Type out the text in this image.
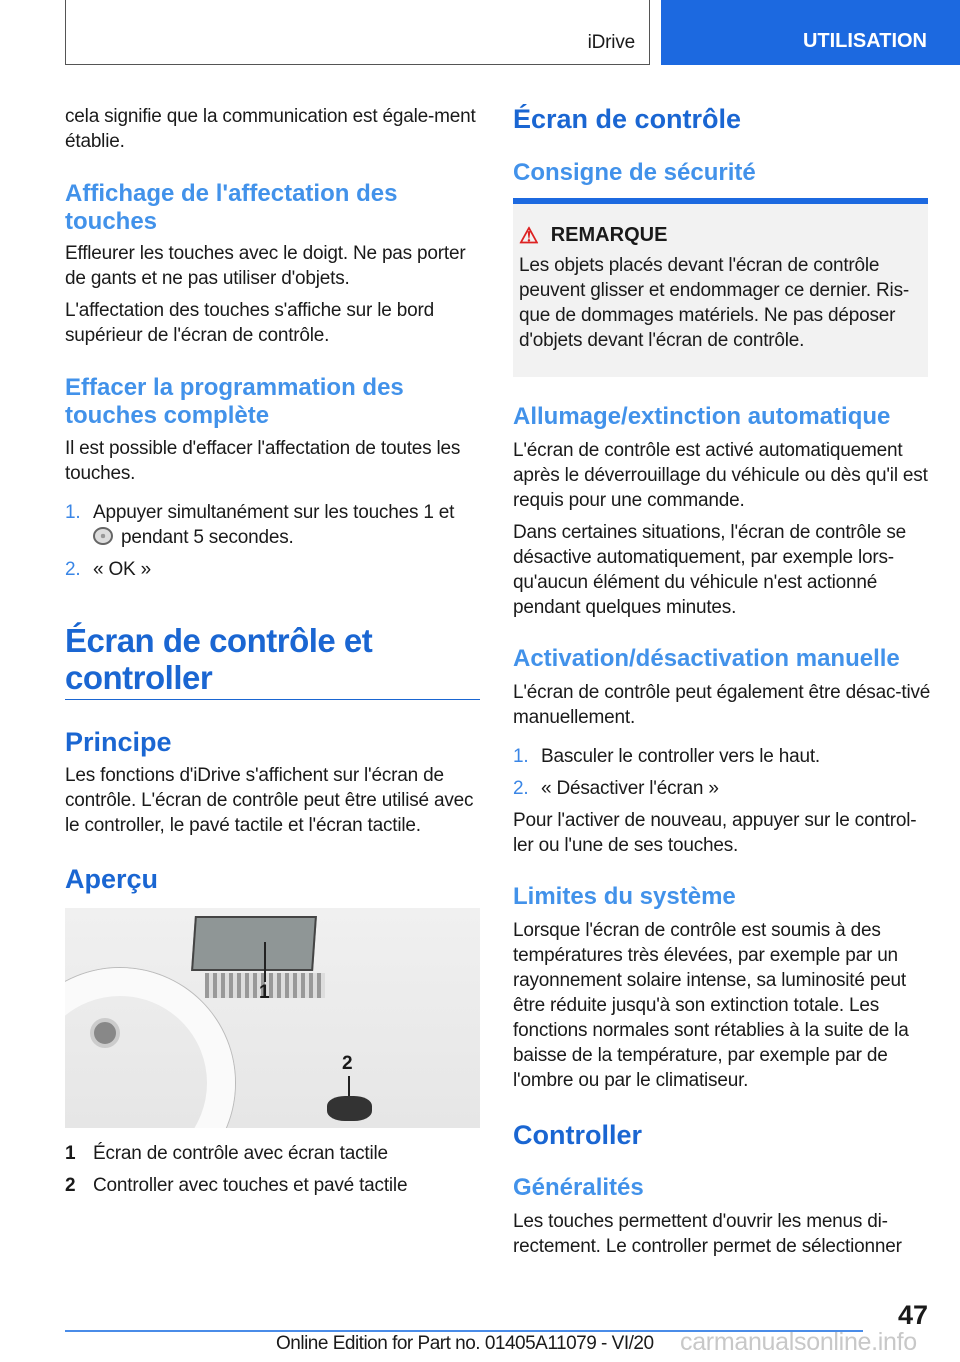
iDrive	UTILISATION
cela signifie que la communication est égale-ment établie.
Affichage de l'affectation des touches
Effleurer les touches avec le doigt. Ne pas porter de gants et ne pas utiliser d'objets.
L'affectation des touches s'affiche sur le bord supérieur de l'écran de contrôle.
Effacer la programmation des touches complète
Il est possible d'effacer l'affectation de toutes les touches.
1. Appuyer simultanément sur les touches 1 et
pendant 5 secondes.
2. « OK »
Écran de contrôle et controller
Principe
Les fonctions d'iDrive s'affichent sur l'écran de contrôle. L'écran de contrôle peut être utilisé avec le controller, le pavé tactile et l'écran tactile.
Aperçu
1
2
1 Écran de contrôle avec écran tactile
2 Controller avec touches et pavé tactile
Écran de contrôle
Consigne de sécurité
⚠ REMARQUE
Les objets placés devant l'écran de contrôle peuvent glisser et endommager ce dernier. Ris-que de dommages matériels. Ne pas déposer d'objets devant l'écran de contrôle.
Allumage/extinction automatique
L'écran de contrôle est activé automatiquement après le déverrouillage du véhicule ou dès qu'il est requis pour une commande.
Dans certaines situations, l'écran de contrôle se désactive automatiquement, par exemple lors-qu'aucun élément du véhicule n'est actionné pendant quelques minutes.
Activation/désactivation manuelle
L'écran de contrôle peut également être désac-tivé manuellement.
1. Basculer le controller vers le haut.
2. « Désactiver l'écran »
Pour l'activer de nouveau, appuyer sur le control-ler ou l'une de ses touches.
Limites du système
Lorsque l'écran de contrôle est soumis à des températures très élevées, par exemple par un rayonnement solaire intense, sa luminosité peut être réduite jusqu'à son extinction totale. Les fonctions normales sont rétablies à la suite de la baisse de la température, par exemple par de l'ombre ou par le climatiseur.
Controller
Généralités
Les touches permettent d'ouvrir les menus di-rectement. Le controller permet de sélectionner
47
Online Edition for Part no. 01405A11079 - VI/20 carmanualsonline.info
